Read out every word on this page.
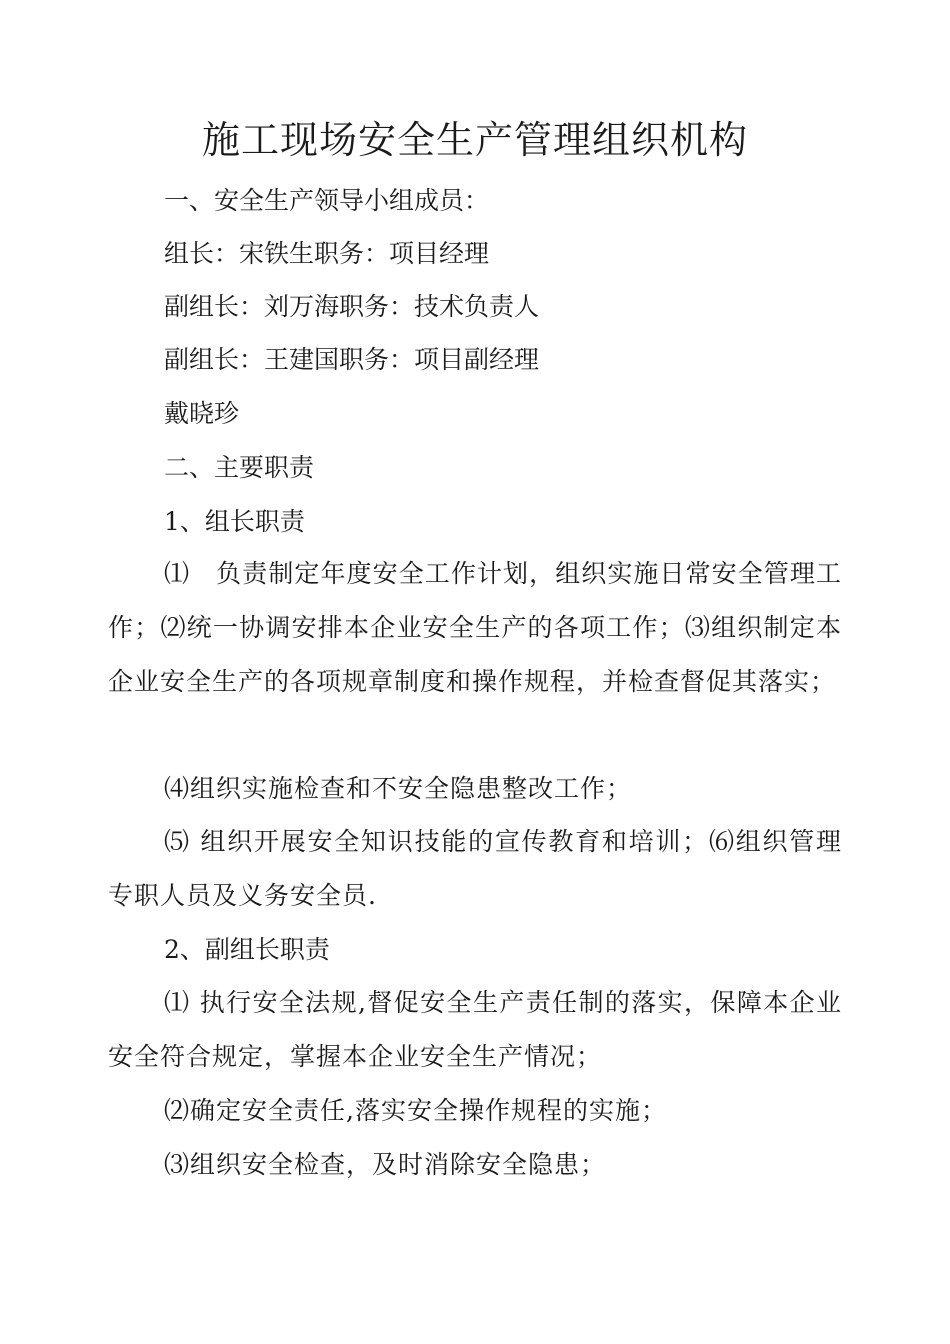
施工现场安全生产管理组织机构

一、安全生产领导小组成员：

组长：宋铁生职务：项目经理

副组长：刘万海职务：技术负责人

副组长：王建国职务：项目副经理

戴晓珍

二、主要职责

1、组长职责

⑴　负责制定年度安全工作计划，组织实施日常安全管理工　作；⑵统一协调安排本企业安全生产的各项工作；⑶组织制定本　企业安全生产的各项规章制度和操作规程，并检查督促其落实；

⑷组织实施检查和不安全隐患整改工作；

⑸ 组织开展安全知识技能的宣传教育和培训；⑹组织管理专职人员及义务安全员.

2、副组长职责

⑴ 执行安全法规,督促安全生产责任制的落实，保障本企业　安全符合规定，掌握本企业安全生产情况；

⑵确定安全责任,落实安全操作规程的实施；

⑶组织安全检查，及时消除安全隐患；
